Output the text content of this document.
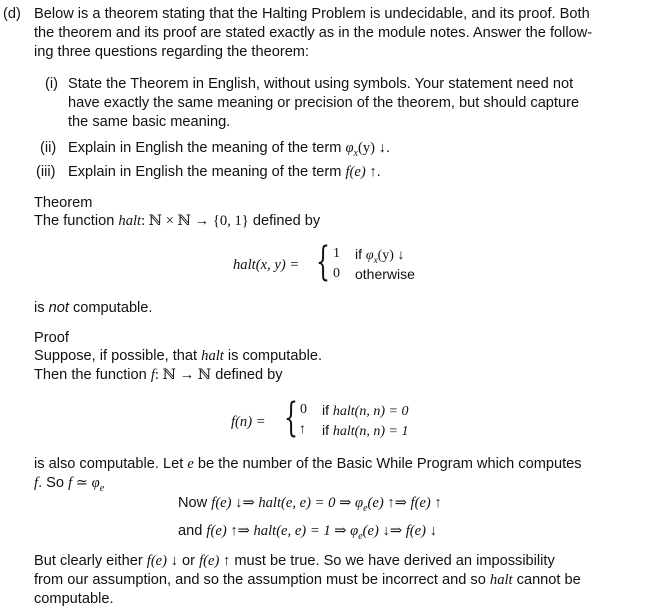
(d) Below is a theorem stating that the Halting Problem is undecidable, and its proof. Both
the theorem and its proof are stated exactly as in the module notes. Answer the follow-
ing three questions regarding the theorem:
(i) State the Theorem in English, without using symbols. Your statement need not
have exactly the same meaning or precision of the theorem, but should capture
the same basic meaning.
(ii) Explain in English the meaning of the term $\varphi_x(y)$ ↓.
(iii) Explain in English the meaning of the term f(e) ↑.
Theorem
The function halt: ℕ × ℕ → {0, 1} defined by
halt(x, y) = { 1 if $\varphi_x(y)$ ↓
0 otherwise
is not computable.
Proof
Suppose, if possible, that halt is computable.
Then the function f: ℕ → ℕ defined by
f(n) = { 0 if halt(n, n) = 0
↑ if halt(n, n) = 1
is also computable. Let e be the number of the Basic While Program which computes
f. So f ≃ $\varphi_e$
Now f(e) ↓⇒ halt(e, e) = 0 ⇒ $\varphi_e(e)$ ↑⇒ f(e) ↑
and f(e) ↑⇒ halt(e, e) = 1 ⇒ $\varphi_e(e)$ ↓⇒ f(e) ↓
But clearly either f(e) ↓ or f(e) ↑ must be true. So we have derived an impossibility
from our assumption, and so the assumption must be incorrect and so halt cannot be
computable.
